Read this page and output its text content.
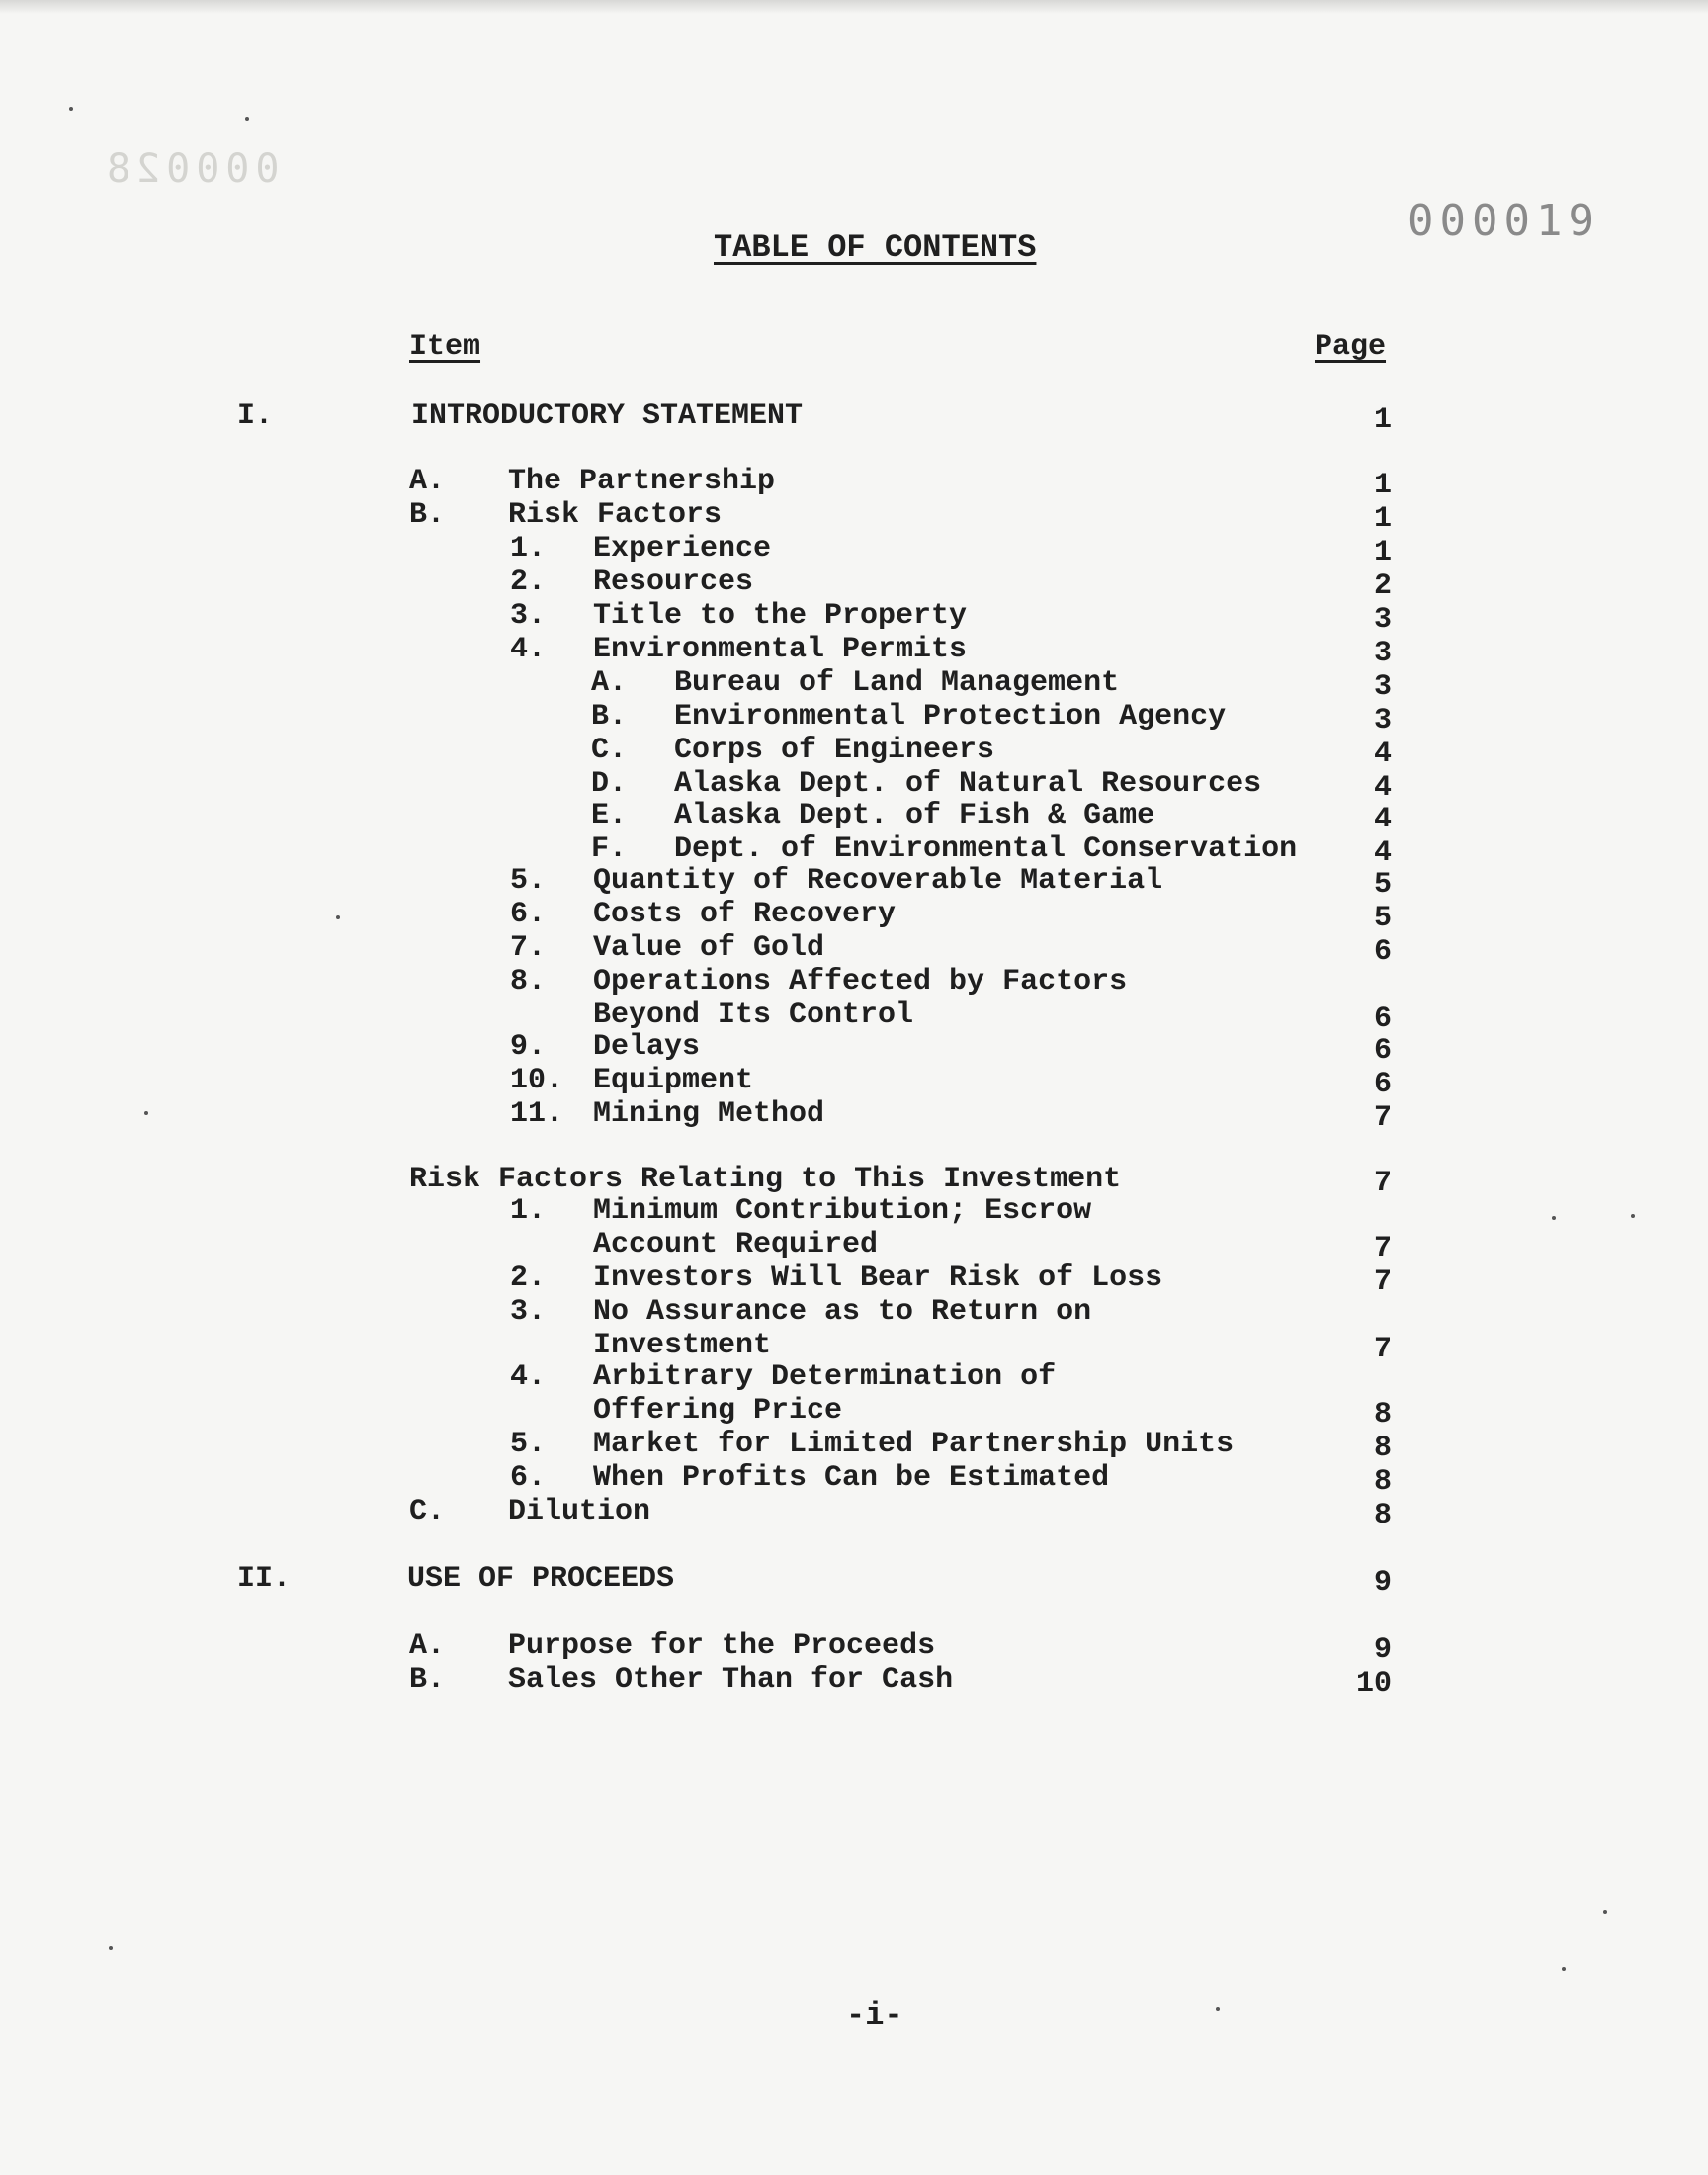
000028
000019
TABLE OF CONTENTS
Item	Page
I.	INTRODUCTORY STATEMENT	1
A. The Partnership	1
B. Risk Factors	1
1. Experience	1
2. Resources	2
3. Title to the Property	3
4. Environmental Permits	3
A. Bureau of Land Management	3
B. Environmental Protection Agency	3
C. Corps of Engineers	4
D. Alaska Dept. of Natural Resources	4
E. Alaska Dept. of Fish & Game	4
F. Dept. of Environmental Conservation	4
5. Quantity of Recoverable Material	5
6. Costs of Recovery	5
7. Value of Gold	6
8. Operations Affected by Factors
Beyond Its Control	6
9. Delays	6
10. Equipment	6
11. Mining Method	7
Risk Factors Relating to This Investment	7
1. Minimum Contribution; Escrow
Account Required	7
2. Investors Will Bear Risk of Loss	7
3. No Assurance as to Return on
Investment	7
4. Arbitrary Determination of
Offering Price	8
5. Market for Limited Partnership Units	8
6. When Profits Can be Estimated	8
C. Dilution	8
II.	USE OF PROCEEDS	9
A. Purpose for the Proceeds	9
B. Sales Other Than for Cash	10
-i-
